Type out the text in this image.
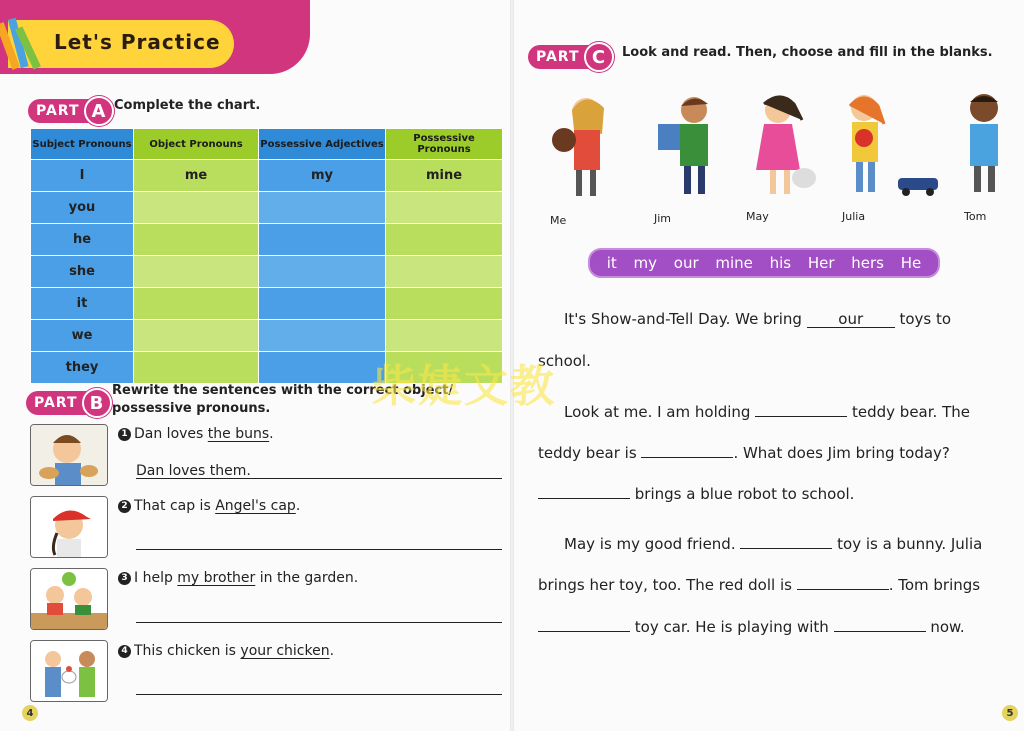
Let's Practice
PART A Complete the chart.
Subject Pronouns	Object Pronouns	Possessive Adjectives	Possessive Pronouns
I	me	my	mine
you			
he			
she			
it			
we			
they			
PART B
Rewrite the sentences with the correct object/
possessive pronouns.
1 Dan loves the buns .
Dan loves them.
2 That cap is Angel's cap .
3 I help my brother in the garden.
4 This chicken is your chicken .
4
PART C	Look and read. Then, choose and fill in the blanks.
Me	Jim	May	Julia	Tom
it my our mine his Her hers He
It's Show-and-Tell Day. We bring our toys to
school.
Look at me. I am holding	teddy bear. The
teddy bear is	. What does Jim bring today?
brings a blue robot to school.
May is my good friend.	toy is a bunny. Julia
brings her toy, too. The red doll is	. Tom brings
toy car. He is playing with	now.
5
柴婕文教
